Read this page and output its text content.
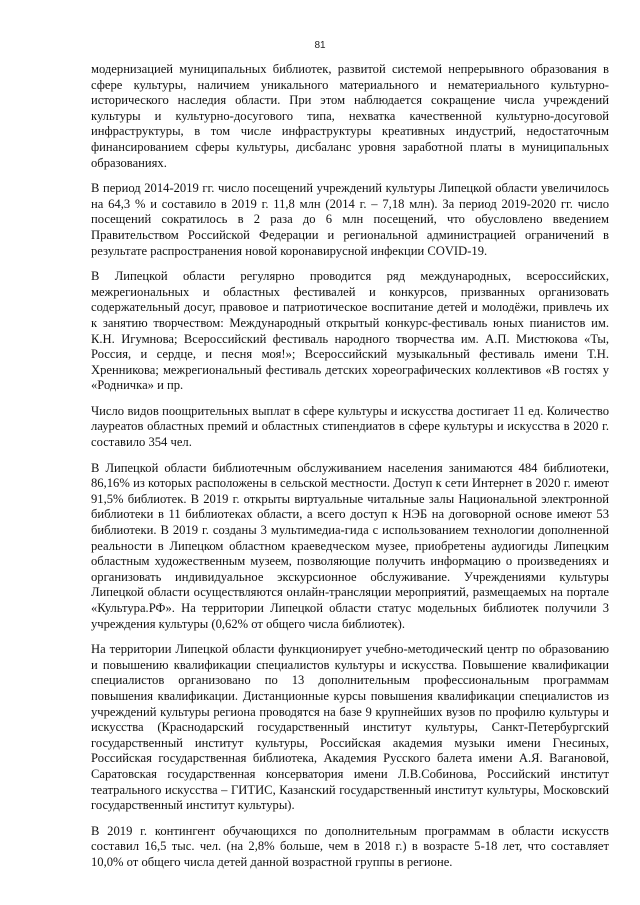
81

модернизацией муниципальных библиотек, развитой системой непрерывного образования в сфере культуры, наличием уникального материального и нематериального культурно-исторического наследия области. При этом наблюдается сокращение числа учреждений культуры и культурно-досугового типа, нехватка качественной культурно-досуговой инфраструктуры, в том числе инфраструктуры креативных индустрий, недостаточным финансированием сферы культуры, дисбаланс уровня заработной платы в муниципальных образованиях.

В период 2014-2019 гг. число посещений учреждений культуры Липецкой области увеличилось на 64,3 % и составило в 2019 г. 11,8 млн (2014 г. – 7,18 млн). За период 2019-2020 гг. число посещений сократилось в 2 раза до 6 млн посещений, что обусловлено введением Правительством Российской Федерации и региональной администрацией ограничений в результате распространения новой коронавирусной инфекции COVID-19.

В Липецкой области регулярно проводится ряд международных, всероссийских, межрегиональных и областных фестивалей и конкурсов, призванных организовать содержательный досуг, правовое и патриотическое воспитание детей и молодёжи, привлечь их к занятию творчеством: Международный открытый конкурс-фестиваль юных пианистов им. К.Н. Игумнова; Всероссийский фестиваль народного творчества им. А.П. Мистюкова «Ты, Россия, и сердце, и песня моя!»; Всероссийский музыкальный фестиваль имени Т.Н. Хренникова; межрегиональный фестиваль детских хореографических коллективов «В гостях у «Родничка» и пр.

Число видов поощрительных выплат в сфере культуры и искусства достигает 11 ед. Количество лауреатов областных премий и областных стипендиатов в сфере культуры и искусства в 2020 г. составило 354 чел.

В Липецкой области библиотечным обслуживанием населения занимаются 484 библиотеки, 86,16% из которых расположены в сельской местности. Доступ к сети Интернет в 2020 г. имеют 91,5% библиотек. В 2019 г. открыты виртуальные читальные залы Национальной электронной библиотеки в 11 библиотеках области, а всего доступ к НЭБ на договорной основе имеют 53 библиотеки. В 2019 г. созданы 3 мультимедиа-гида с использованием технологии дополненной реальности в Липецком областном краеведческом музее, приобретены аудиогиды Липецким областным художественным музеем, позволяющие получить информацию о произведениях и организовать индивидуальное экскурсионное обслуживание. Учреждениями культуры Липецкой области осуществляются онлайн-трансляции мероприятий, размещаемых на портале «Культура.РФ». На территории Липецкой области статус модельных библиотек получили 3 учреждения культуры (0,62% от общего числа библиотек).

На территории Липецкой области функционирует учебно-методический центр по образованию и повышению квалификации специалистов культуры и искусства. Повышение квалификации специалистов организовано по 13 дополнительным профессиональным программам повышения квалификации. Дистанционные курсы повышения квалификации специалистов из учреждений культуры региона проводятся на базе 9 крупнейших вузов по профилю культуры и искусства (Краснодарский государственный институт культуры, Санкт-Петербургский государственный институт культуры, Российская академия музыки имени Гнесиных, Российская государственная библиотека, Академия Русского балета имени А.Я. Вагановой, Саратовская государственная консерватория имени Л.В.Собинова, Российский институт театрального искусства – ГИТИС, Казанский государственный институт культуры, Московский государственный институт культуры).

В 2019 г. контингент обучающихся по дополнительным программам в области искусств составил 16,5 тыс. чел. (на 2,8% больше, чем в 2018 г.) в возрасте 5-18 лет, что составляет 10,0% от общего числа детей данной возрастной группы в регионе.
